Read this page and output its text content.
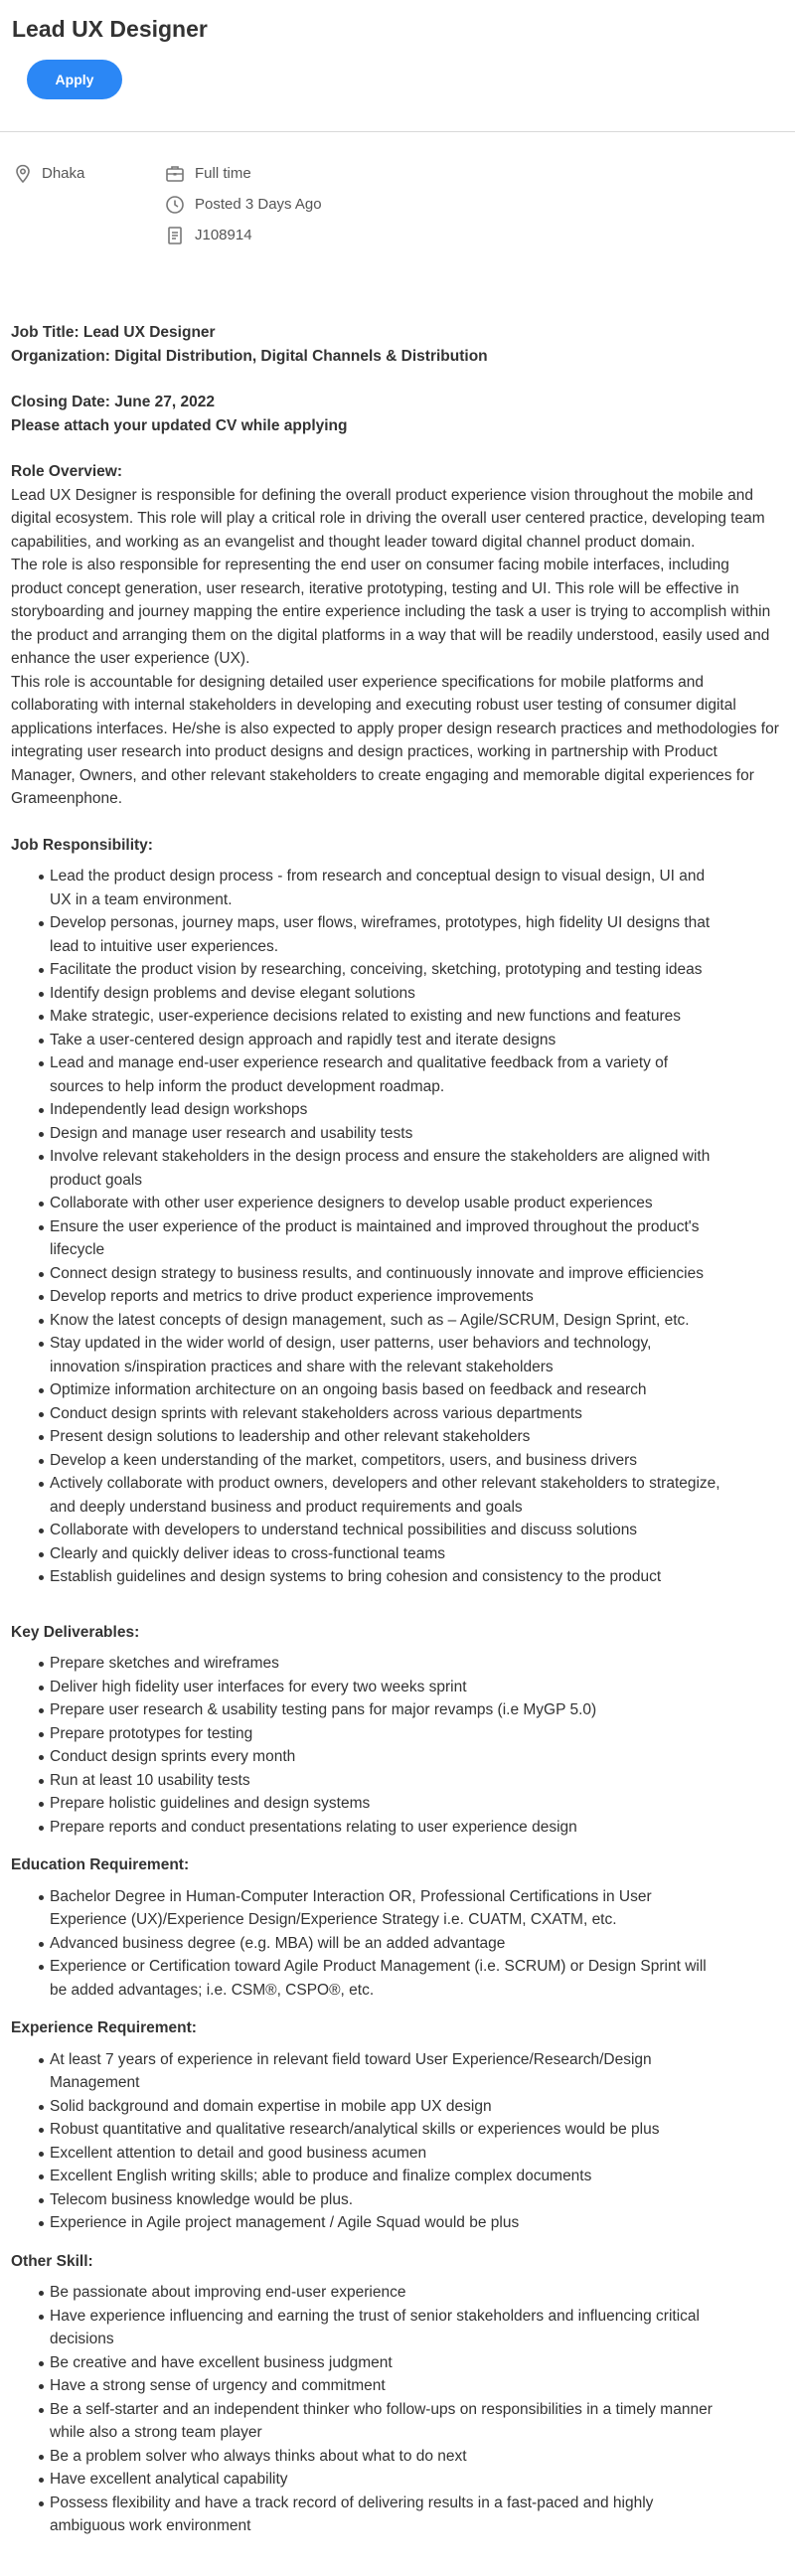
Lead UX Designer
Apply
Dhaka	Full time
Posted 3 Days Ago
J108914

Job Title: Lead UX Designer

Organization: Digital Distribution, Digital Channels & Distribution

Closing Date: June 27, 2022

Please attach your updated CV while applying

Role Overview:

Lead UX Designer is responsible for defining the overall product experience vision throughout the mobile and digital ecosystem. This role will play a critical role in driving the overall user centered practice, developing team capabilities, and working as an evangelist and thought leader toward digital channel product domain.

The role is also responsible for representing the end user on consumer facing mobile interfaces, including product concept generation, user research, iterative prototyping, testing and UI. This role will be effective in storyboarding and journey mapping the entire experience including the task a user is trying to accomplish within the product and arranging them on the digital platforms in a way that will be readily understood, easily used and enhance the user experience (UX).

This role is accountable for designing detailed user experience specifications for mobile platforms and collaborating with internal stakeholders in developing and executing robust user testing of consumer digital applications interfaces. He/she is also expected to apply proper design research practices and methodologies for integrating user research into product designs and design practices, working in partnership with Product Manager, Owners, and other relevant stakeholders to create engaging and memorable digital experiences for Grameenphone.

Job Responsibility:

Lead the product design process - from research and conceptual design to visual design, UI and UX in a team environment.
Develop personas, journey maps, user flows, wireframes, prototypes, high fidelity UI designs that lead to intuitive user experiences.
Facilitate the product vision by researching, conceiving, sketching, prototyping and testing ideas
Identify design problems and devise elegant solutions
Make strategic, user-experience decisions related to existing and new functions and features
Take a user-centered design approach and rapidly test and iterate designs
Lead and manage end-user experience research and qualitative feedback from a variety of sources to help inform the product development roadmap.
Independently lead design workshops
Design and manage user research and usability tests
Involve relevant stakeholders in the design process and ensure the stakeholders are aligned with product goals
Collaborate with other user experience designers to develop usable product experiences
Ensure the user experience of the product is maintained and improved throughout the product's lifecycle
Connect design strategy to business results, and continuously innovate and improve efficiencies
Develop reports and metrics to drive product experience improvements
Know the latest concepts of design management, such as – Agile/SCRUM, Design Sprint, etc.
Stay updated in the wider world of design, user patterns, user behaviors and technology, innovation s/inspiration practices and share with the relevant stakeholders
Optimize information architecture on an ongoing basis based on feedback and research
Conduct design sprints with relevant stakeholders across various departments
Present design solutions to leadership and other relevant stakeholders
Develop a keen understanding of the market, competitors, users, and business drivers
Actively collaborate with product owners, developers and other relevant stakeholders to strategize, and deeply understand business and product requirements and goals
Collaborate with developers to understand technical possibilities and discuss solutions
Clearly and quickly deliver ideas to cross-functional teams
Establish guidelines and design systems to bring cohesion and consistency to the product

Key Deliverables:

Prepare sketches and wireframes
Deliver high fidelity user interfaces for every two weeks sprint
Prepare user research & usability testing pans for major revamps (i.e MyGP 5.0)
Prepare prototypes for testing
Conduct design sprints every month
Run at least 10 usability tests
Prepare holistic guidelines and design systems
Prepare reports and conduct presentations relating to user experience design

Education Requirement:

Bachelor Degree in Human-Computer Interaction OR, Professional Certifications in User Experience (UX)/Experience Design/Experience Strategy i.e. CUATM, CXATM, etc.
Advanced business degree (e.g. MBA) will be an added advantage
Experience or Certification toward Agile Product Management (i.e. SCRUM) or Design Sprint will be added advantages; i.e. CSM®, CSPO®, etc.

Experience Requirement:

At least 7 years of experience in relevant field toward User Experience/Research/Design Management
Solid background and domain expertise in mobile app UX design
Robust quantitative and qualitative research/analytical skills or experiences would be plus
Excellent attention to detail and good business acumen
Excellent English writing skills; able to produce and finalize complex documents
Telecom business knowledge would be plus.
Experience in Agile project management / Agile Squad would be plus

Other Skill:

Be passionate about improving end-user experience
Have experience influencing and earning the trust of senior stakeholders and influencing critical decisions
Be creative and have excellent business judgment
Have a strong sense of urgency and commitment
Be a self-starter and an independent thinker who follow-ups on responsibilities in a timely manner while also a strong team player
Be a problem solver who always thinks about what to do next
Have excellent analytical capability
Possess flexibility and have a track record of delivering results in a fast-paced and highly ambiguous work environment
